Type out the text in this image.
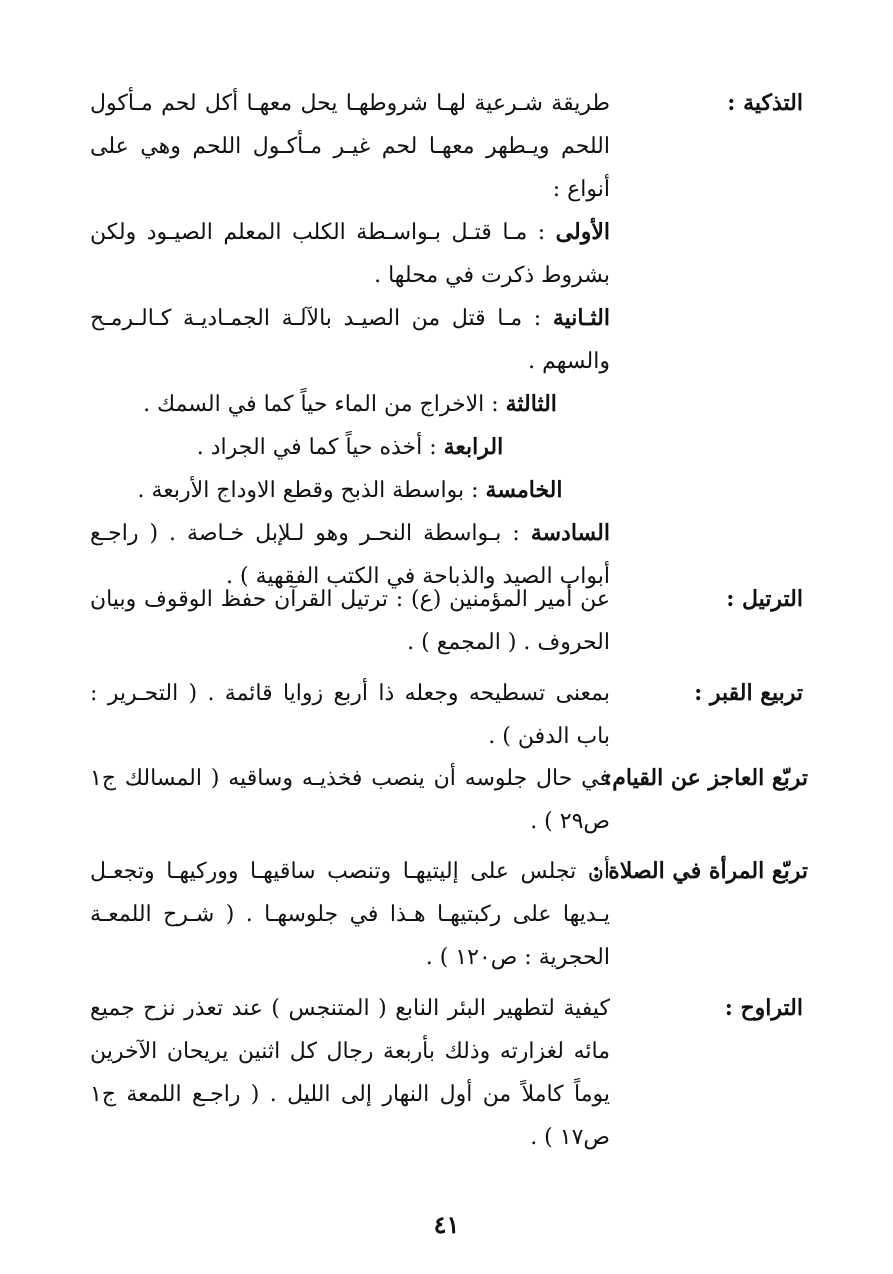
التذكية :
طريقة شـرعية لهـا شروطهـا يحل معهـا أكل لحم مـأكول
اللحم ويـطهر معهـا لحم غيـر مـأكـول اللحم وهي على
أنواع :
الأولى : مـا قتـل بـواسـطة الكلب المعلم الصيـود ولكن
بشروط ذكرت في محلها .
الثـانية : مـا قتل من الصيـد بالآلـة الجمـاديـة كـالـرمـح
والسهم .
الثالثة : الاخراج من الماء حياً كما في السمك .
الرابعة : أخذه حياً كما في الجراد .
الخامسة : بواسطة الذبح وقطع الاوداج الأربعة .
السادسة : بـواسطة النحـر وهو لـلإبل خـاصة . ( راجـع
أبواب الصيد والذباحة في الكتب الفقهية ) .
الترتيل :
عن أمير المؤمنين (ع) : ترتيل القرآن حفظ الوقوف وبيان
الحروف . ( المجمع ) .
تربيع القبر :
بمعنى تسطيحه وجعله ذا أربع زوايا قائمة . ( التحـرير :
باب الدفن ) .
تربّع العاجز عن القيام:
في حال جلوسه أن ينصب فخذيـه وساقيه ( المسالك ج١
ص٢٩ ) .
تربّع المرأة في الصلاة :
أن تجلس على إليتيهـا وتنصب ساقيهـا ووركيهـا وتجعـل
يـديها على ركبتيهـا هـذا في جلوسهـا . ( شـرح اللمعـة
الحجرية : ص١٢٠ ) .
التراوح :
كيفية لتطهير البئر النابع ( المتنجس ) عند تعذر نزح جميع
مائه لغزارته وذلك بأربعة رجال كل اثنين يريحان الآخرين
يوماً كاملاً من أول النهار إلى الليل . ( راجـع اللمعة ج١
ص١٧ ) .
٤١
